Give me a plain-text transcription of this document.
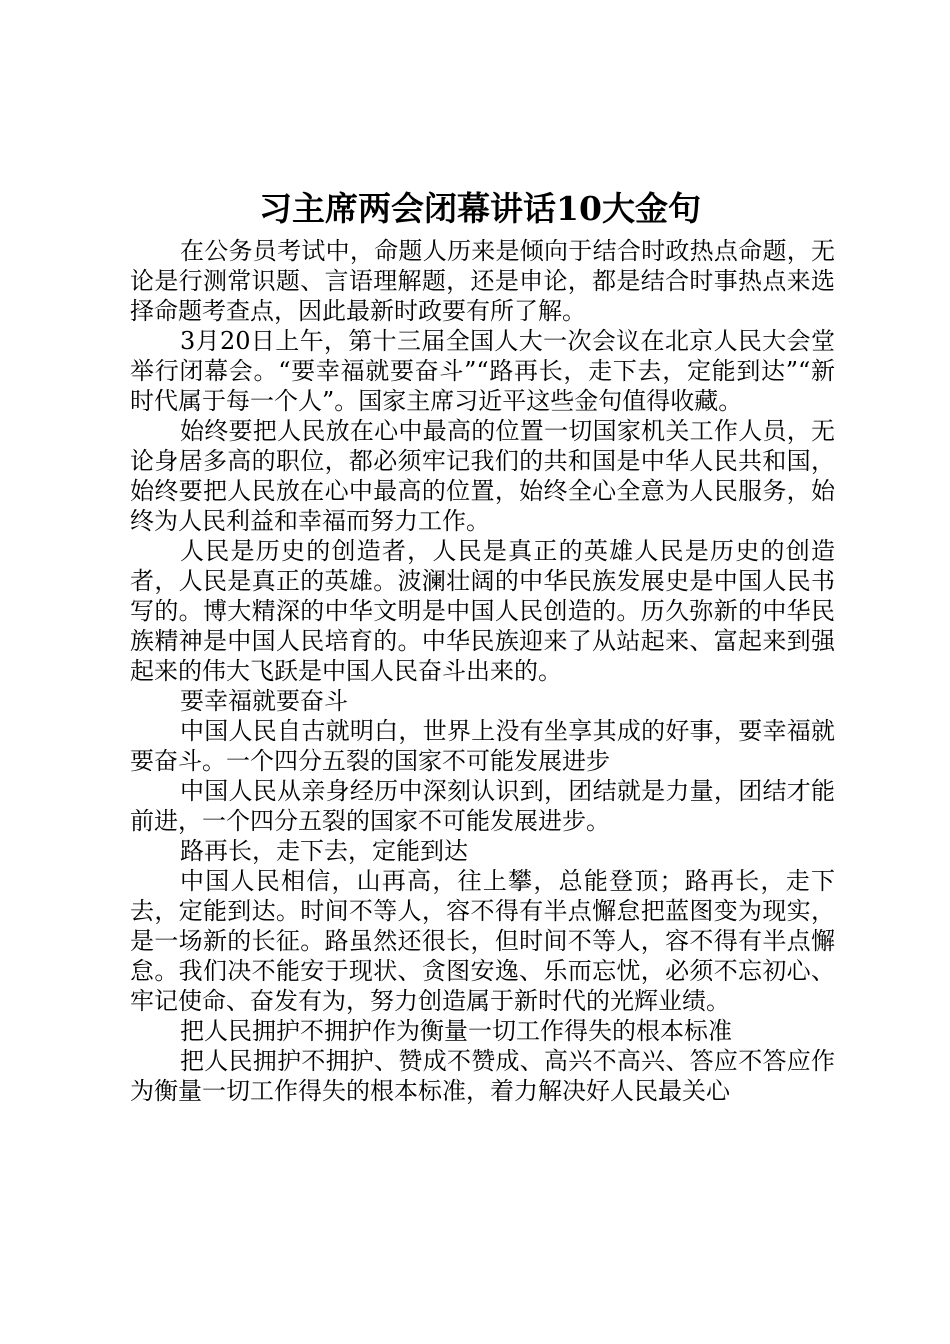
习主席两会闭幕讲话10大金句

在公务员考试中，命题人历来是倾向于结合时政热点命题，无论是行测常识题、言语理解题，还是申论，都是结合时事热点来选择命题考查点，因此最新时政要有所了解。

3月20日上午，第十三届全国人大一次会议在北京人民大会堂举行闭幕会。“要幸福就要奋斗”“路再长，走下去，定能到达”“新时代属于每一个人”。国家主席习近平这些金句值得收藏。

始终要把人民放在心中最高的位置一切国家机关工作人员，无论身居多高的职位，都必须牢记我们的共和国是中华人民共和国，始终要把人民放在心中最高的位置，始终全心全意为人民服务，始终为人民利益和幸福而努力工作。

人民是历史的创造者，人民是真正的英雄人民是历史的创造者，人民是真正的英雄。波澜壮阔的中华民族发展史是中国人民书写的。博大精深的中华文明是中国人民创造的。历久弥新的中华民族精神是中国人民培育的。中华民族迎来了从站起来、富起来到强起来的伟大飞跃是中国人民奋斗出来的。

要幸福就要奋斗

中国人民自古就明白，世界上没有坐享其成的好事，要幸福就要奋斗。一个四分五裂的国家不可能发展进步

中国人民从亲身经历中深刻认识到，团结就是力量，团结才能前进，一个四分五裂的国家不可能发展进步。

路再长，走下去，定能到达

中国人民相信，山再高，往上攀，总能登顶；路再长，走下去，定能到达。时间不等人，容不得有半点懈怠把蓝图变为现实，是一场新的长征。路虽然还很长，但时间不等人，容不得有半点懈怠。我们决不能安于现状、贪图安逸、乐而忘忧，必须不忘初心、牢记使命、奋发有为，努力创造属于新时代的光辉业绩。

把人民拥护不拥护作为衡量一切工作得失的根本标准

把人民拥护不拥护、赞成不赞成、高兴不高兴、答应不答应作为衡量一切工作得失的根本标准，着力解决好人民最关心
